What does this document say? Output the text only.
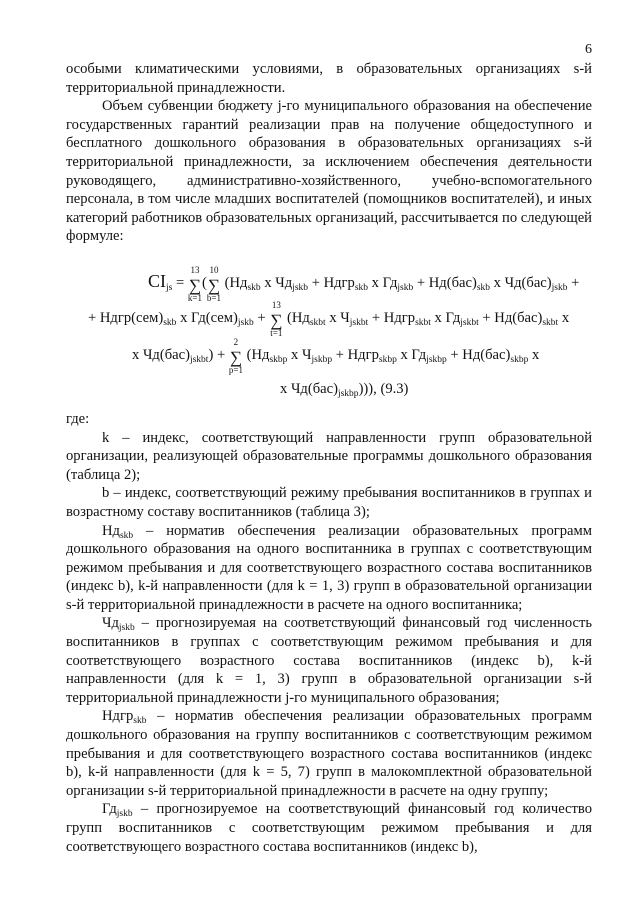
6

особыми климатическими условиями, в образовательных организациях s-й территориальной принадлежности.

Объем субвенции бюджету j-го муниципального образования на обеспечение государственных гарантий реализации прав на получение общедоступного и бесплатного дошкольного образования в образовательных организациях s-й территориальной принадлежности, за исключением обеспечения деятельности руководящего, административно-хозяйственного, учебно-вспомогательного персонала, в том числе младших воспитателей (помощников воспитателей), и иных категорий работников образовательных организаций, рассчитывается по следующей формуле:

$CI_{js}$ = ∑
13
k=1
(∑
10
b=1
($Нд_{skb}$ x $Чд_{jskb}$ + Ндгр$_{skb}$ x $Гд_{jskb} + Нд(бас)_{skb}$ x $Чд(бас)_{jskb}$ +
+ $Ндгр(сем)_{skb}$ x $Гд(сем)_{jskb}$ + ∑
13
t=1
($Нд_{skbt}$ x $Ч_{jskbt}$ + Ндгр$_{skbt}$ x $Гд_{jskbt} + Нд(бас)_{skbt}$ x
x $Чд(бас)_{jskbt}$) + ∑
2
p=1
($Нд_{skbp}$ x $Ч_{jskbp}$ + Ндгр$_{skbp}$ x $Гд_{jskbp} + Нд(бас)_{skbp}$ x
x $Чд(бас)_{jskbp}$))), (9.3)

где:

k – индекс, соответствующий направленности групп образовательной организации, реализующей образовательные программы дошкольного образования (таблица 2);

b – индекс, соответствующий режиму пребывания воспитанников в группах и возрастному составу воспитанников (таблица 3);

$Нд_{skb}$ – норматив обеспечения реализации образовательных программ дошкольного образования на одного воспитанника в группах с соответствующим режимом пребывания и для соответствующего возрастного состава воспитанников (индекс b), k-й направленности (для k = 1, 3) групп в образовательной организации s-й территориальной принадлежности в расчете на одного воспитанника;

$Чд_{jskb}$ – прогнозируемая на соответствующий финансовый год численность воспитанников в группах с соответствующим режимом пребывания и для соответствующего возрастного состава воспитанников (индекс b), k-й направленности (для k = 1, 3) групп в образовательной организации s-й территориальной принадлежности j-го муниципального образования;

Ндгр$_{skb}$ – норматив обеспечения реализации образовательных программ дошкольного образования на группу воспитанников с соответствующим режимом пребывания и для соответствующего возрастного состава воспитанников (индекс b), k-й направленности (для k = 5, 7) групп в малокомплектной образовательной организации s-й территориальной принадлежности в расчете на одну группу;

$Гд_{jskb}$ – прогнозируемое на соответствующий финансовый год количество групп воспитанников с соответствующим режимом пребывания и для соответствующего возрастного состава воспитанников (индекс b),
